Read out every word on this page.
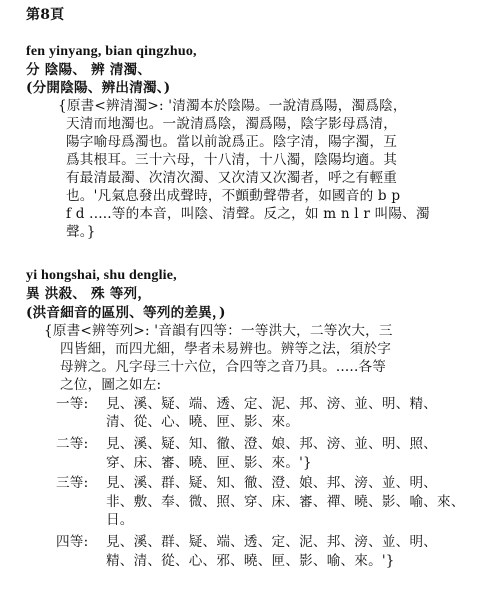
第8頁
fen yinyang, bian qingzhuo,
分 陰陽、 辨 清濁、
(分開陰陽、辨出清濁、)
{原書<辨清濁>: '清濁本於陰陽。一說清爲陽，濁爲陰，
天清而地濁也。一說清爲陰，濁爲陽，陰字影母爲清，
陽字喻母爲濁也。當以前說爲正。陰字清，陽字濁，互
爲其根耳。三十六母，十八清，十八濁，陰陽均適。其
有最清最濁、次清次濁、又次清又次濁者，呼之有輕重
也。'凡氣息發出成聲時，不顫動聲帶者，如國音的 b p
f d .....等的本音，叫陰、清聲。反之，如 m n l r 叫陽、濁
聲。}
yi hongshai, shu denglie,
異 洪殺、 殊 等列，
(洪音細音的區別、等列的差異，)
{原書<辨等列>: '音韻有四等：一等洪大，二等次大，三
四皆細，而四尤細，學者未易辨也。辨等之法，須於字
母辨之。凡字母三十六位，合四等之音乃具。.....各等
之位，圖之如左:
一等: 見、溪、疑、端、透、定、泥、邦、滂、並、明、精、
清、從、心、曉、匣、影、來。
二等: 見、溪、疑、知、徹、澄、娘、邦、滂、並、明、照、
穿、床、審、曉、匣、影、來。'}
三等: 見、溪、群、疑、知、徹、澄、娘、邦、滂、並、明、
非、敷、奉、微、照、穿、床、審、禪、曉、影、喻、來、
日。
四等: 見、溪、群、疑、端、透、定、泥、邦、滂、並、明、
精、清、從、心、邪、曉、匣、影、喻、來。'}
